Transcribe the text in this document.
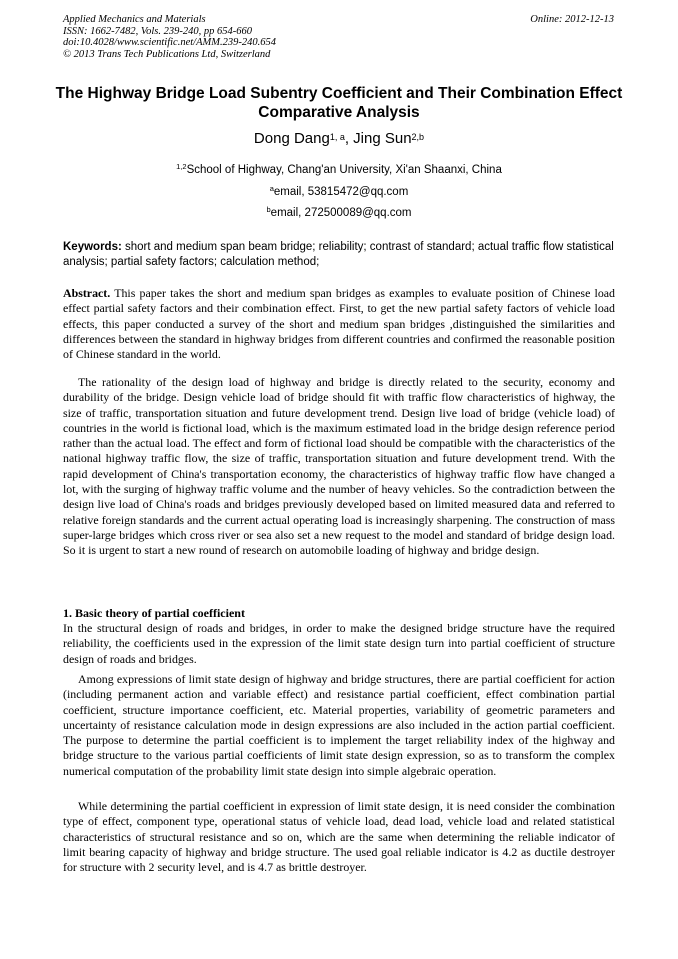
Applied Mechanics and Materials
ISSN: 1662-7482, Vols. 239-240, pp 654-660
doi:10.4028/www.scientific.net/AMM.239-240.654
© 2013 Trans Tech Publications Ltd, Switzerland
Online: 2012-12-13
The Highway Bridge Load Subentry Coefficient and Their Combination Effect Comparative Analysis
Dong Dang$^{1, a}$, Jing Sun$^{2,b}$
$^{1,2}$School of Highway, Chang'an University, Xi'an Shaanxi, China
$^a$email, 53815472@qq.com
$^b$email, 272500089@qq.com
Keywords: short and medium span beam bridge; reliability; contrast of standard; actual traffic flow statistical analysis; partial safety factors; calculation method;
Abstract. This paper takes the short and medium span bridges as examples to evaluate position of Chinese load effect partial safety factors and their combination effect. First, to get the new partial safety factors of vehicle load effects, this paper conducted a survey of the short and medium span bridges ,distinguished the similarities and differences between the standard in highway bridges from different countries and confirmed the reasonable position of Chinese standard in the world.
The rationality of the design load of highway and bridge is directly related to the security, economy and durability of the bridge. Design vehicle load of bridge should fit with traffic flow characteristics of highway, the size of traffic, transportation situation and future development trend. Design live load of bridge (vehicle load) of countries in the world is fictional load, which is the maximum estimated load in the bridge design reference period rather than the actual load. The effect and form of fictional load should be compatible with the characteristics of the national highway traffic flow, the size of traffic, transportation situation and future development trend. With the rapid development of China's transportation economy, the characteristics of highway traffic flow have changed a lot, with the surging of highway traffic volume and the number of heavy vehicles. So the contradiction between the design live load of China's roads and bridges previously developed based on limited measured data and referred to relative foreign standards and the current actual operating load is increasingly sharpening. The construction of mass super-large bridges which cross river or sea also set a new request to the model and standard of bridge design load. So it is urgent to start a new round of research on automobile loading of highway and bridge design.
1. Basic theory of partial coefficient
In the structural design of roads and bridges, in order to make the designed bridge structure have the required reliability, the coefficients used in the expression of the limit state design turn into partial coefficient of structure design of roads and bridges.
Among expressions of limit state design of highway and bridge structures, there are partial coefficient for action (including permanent action and variable effect) and resistance partial coefficient, effect combination partial coefficient, structure importance coefficient, etc. Material properties, variability of geometric parameters and uncertainty of resistance calculation mode in design expressions are also included in the action partial coefficient. The purpose to determine the partial coefficient is to implement the target reliability index of the highway and bridge structure to the various partial coefficients of limit state design expression, so as to transform the complex numerical computation of the probability limit state design into simple algebraic operation.
While determining the partial coefficient in expression of limit state design, it is need consider the combination type of effect, component type, operational status of vehicle load, dead load, vehicle load and related statistical characteristics of structural resistance and so on, which are the same when determining the reliable indicator of limit bearing capacity of highway and bridge structure. The used goal reliable indicator is 4.2 as ductile destroyer for structure with 2 security level, and is 4.7 as brittle destroyer.
